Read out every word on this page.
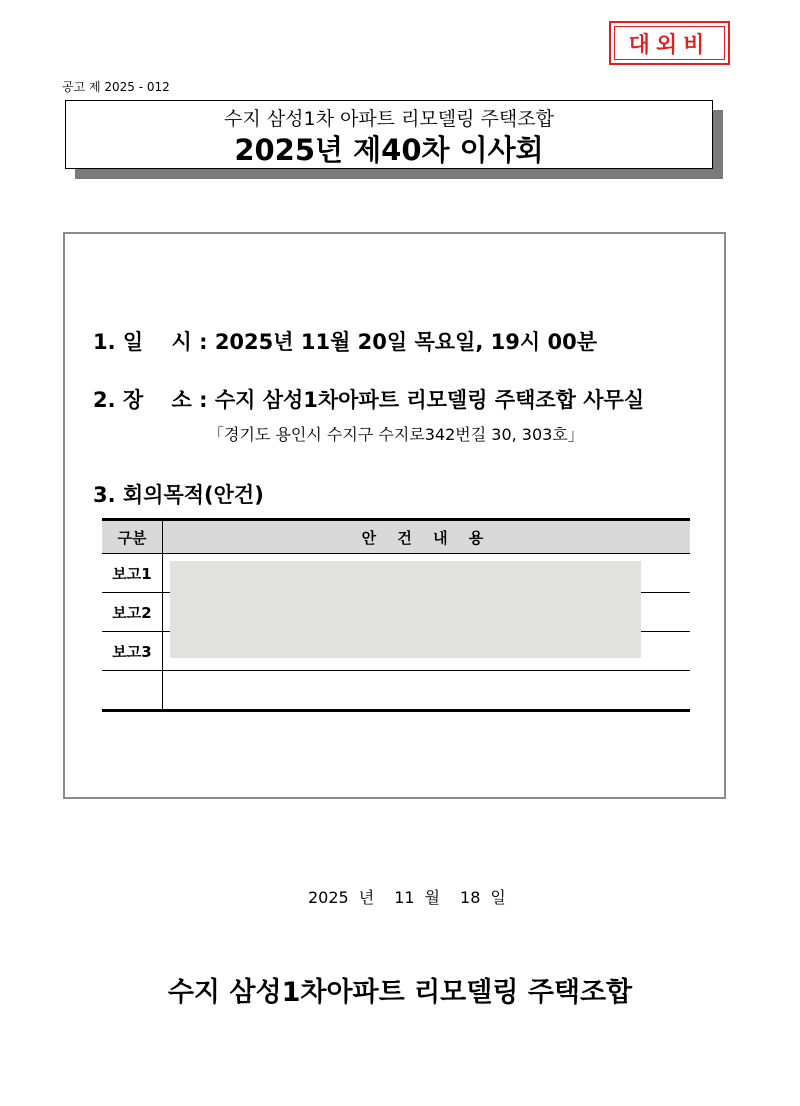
대외비
공고 제 2025 - 012
수지 삼성1차 아파트 리모델링 주택조합
2025년 제40차 이사회
1. 일　 시 : 2025년 11월 20일 목요일, 19시 00분
2. 장　 소 : 수지 삼성1차아파트 리모델링 주택조합 사무실
「경기도 용인시 수지구 수지로342번길 30, 303호」
3. 회의목적(안건)
구분	안 건 내 용
보고1	
보고2	
보고3	

2025 년 11 월 18 일
수지 삼성1차아파트 리모델링 주택조합
